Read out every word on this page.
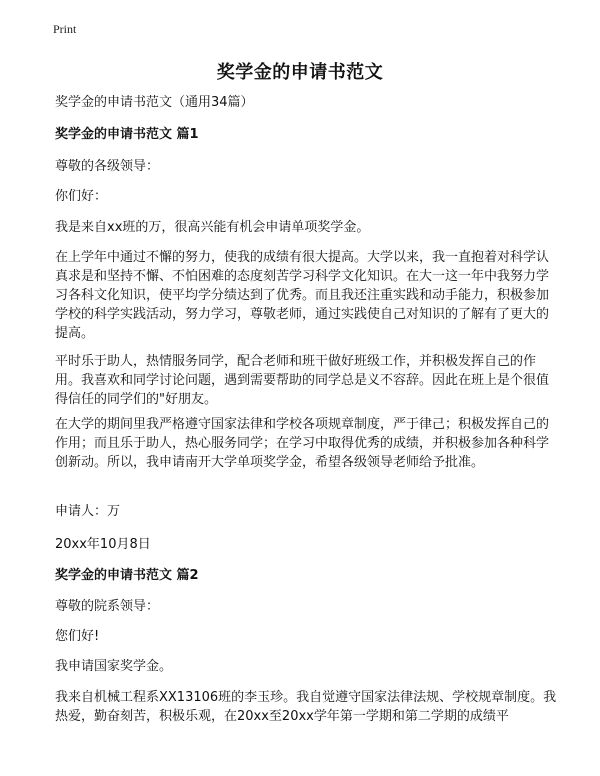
Print
奖学金的申请书范文

奖学金的申请书范文（通用34篇）

奖学金的申请书范文 篇1

尊敬的各级领导：

你们好：

我是来自xx班的万，很高兴能有机会申请单项奖学金。

在上学年中通过不懈的努力，使我的成绩有很大提高。大学以来，我一直抱着对科学认真求是和坚持不懈、不怕困难的态度刻苦学习科学文化知识。在大一这一年中我努力学习各科文化知识，使平均学分绩达到了优秀。而且我还注重实践和动手能力，积极参加学校的科学实践活动，努力学习，尊敬老师，通过实践使自己对知识的了解有了更大的提高。

平时乐于助人，热情服务同学，配合老师和班干做好班级工作，并积极发挥自己的作用。我喜欢和同学讨论问题，遇到需要帮助的同学总是义不容辞。因此在班上是个很值得信任的同学们的"好朋友。

在大学的期间里我严格遵守国家法律和学校各项规章制度，严于律己；积极发挥自己的作用；而且乐于助人，热心服务同学；在学习中取得优秀的成绩，并积极参加各种科学创新动。所以，我申请南开大学单项奖学金，希望各级领导老师给予批准。

申请人：万

20xx年10月8日

奖学金的申请书范文 篇2

尊敬的院系领导：

您们好!

我申请国家奖学金。

我来自机械工程系XX13106班的李玉珍。我自觉遵守国家法律法规、学校规章制度。我热爱，勤奋刻苦，积极乐观，在20xx至20xx学年第一学期和第二学期的成绩平
